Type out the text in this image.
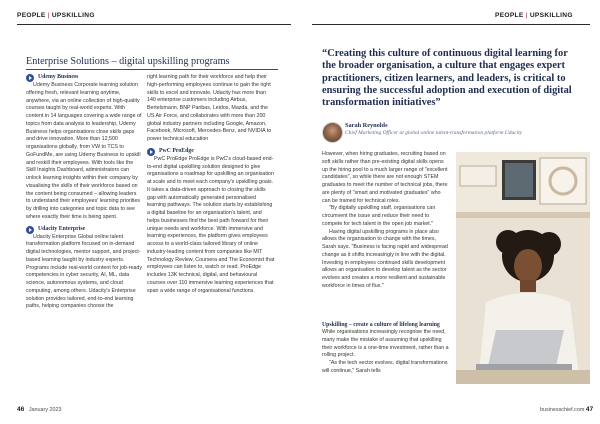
PEOPLE | UPSKILLING	PEOPLE | UPSKILLING
Enterprise Solutions – digital upskilling programs
Udemy Business

Udemy Business Corporate learning solution offering fresh, relevant learning anytime, anywhere, via an online collection of high-quality courses taught by real-world experts. With content in 14 languages covering a wide range of topics from data analysis to leadership, Udemy Business helps organisations close skills gaps and drive innovation. More than 12,500 organisations globally, from VW to TCS to GoFundMe, are using Udemy Business to upskill and reskill their employees. With tools like the Skill Insights Dashboard, administrators can unlock learning insights within their company by visualising the skills of their workforce based on the content being consumed – allowing leaders to understand their employees' learning priorities by drilling into categories and topic data to see where exactly their time is being spent.

Udacity Enterprise

Udacity Enterprise Global online talent transformation platform focused on in-demand digital technologies, mentor support, and project-based learning taught by industry experts. Programs include real-world content for job-ready competencies in cyber security, AI, ML, data science, autonomous systems, and cloud computing, among others. Udacity's Enterprise solution provides tailored, end-to-end learning paths, helping companies choose the

right learning path for their workforce and help their high-performing employees continue to gain the right skills to excel and innovate. Udacity has more than 140 enterprise customers including Airbus, Bertelsmann, BNP Paribas, Leidos, Mazda, and the US Air Force, and collaborates with more than 200 global industry partners including Google, Amazon, Facebook, Microsoft, Mercedes-Benz, and NVIDIA to power technical education

PwC ProEdge

PwC ProEdge ProEdge is PwC's cloud-based end-to-end digital upskilling solution designed to give organisations a roadmap for upskilling an organisation at scale and to meet each company's upskilling goals. It takes a data-driven approach to closing the skills gap with automatically generated personalised learning pathways. The solution starts by establishing a digital baseline for an organisation's talent, and helps businesses find the best path forward for their unique needs and workforce. With immersive and learning experiences, the platform gives employees access to a world-class tailored library of online industry-leading content from companies like MIT Technology Review, Coursera and The Economist that employees can listen to, watch or read. ProEdge includes 13K technical, digital, and behavioural courses over 110 immersive learning experiences that span a wide range of organisational functions.

“Creating this culture of continuous digital learning for the broader organisation, a culture that engages expert practitioners, citizen learners, and leaders, is critical to ensuring the successful adoption and execution of digital transformation initiatives”
Sarah Reynolds
Chief Marketing Officer at global online talent-transformation platform Udacity

However, when hiring graduates, recruiting based on soft skills rather than pre-existing digital skills opens up the hiring pool to a much larger range of "excellent candidates", so while there are not enough STEM graduates to meet the number of technical jobs, there are plenty of "smart and motivated graduates" who can be trained for technical roles.

"By digitally upskilling staff, organisations can circumvent the issue and reduce their need to compete for tech talent in the open job market."

Having digital upskilling programs in place also allows the organisation to change with the times, Sarah says. "Business is facing rapid and widespread change as it shifts increasingly in line with the digital. Investing in employees continued skills development allows an organisation to develop talent as the sector evolves and creates a more resilient and sustainable workforce in times of flux."

Upskilling – create a culture of lifelong learning

While organisations increasingly recognise the need, many make the mistake of assuming that upskilling their workforce is a one-time investment, rather than a rolling project.

"As the tech sector evolves, digital transformations will continue," Sarah tells

46 January 2023	businesschief.com 47
